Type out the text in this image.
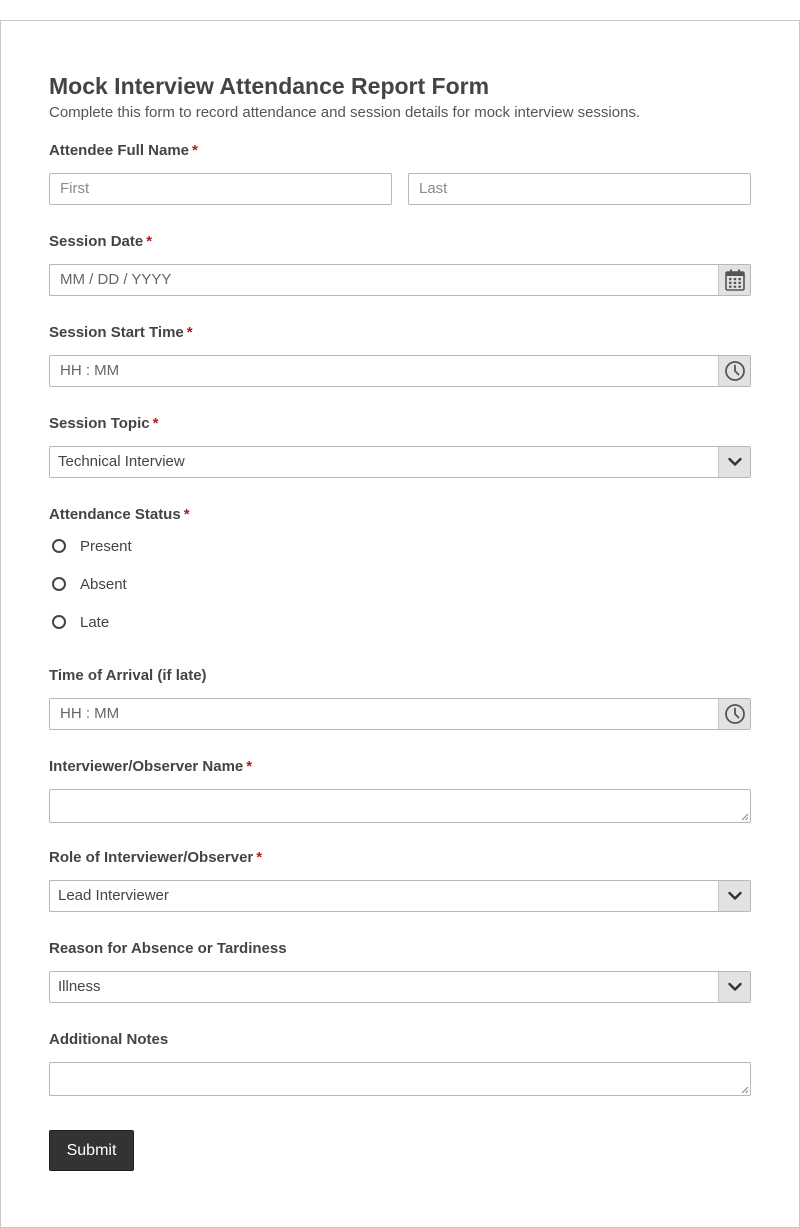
Mock Interview Attendance Report Form

Complete this form to record attendance and session details for mock interview sessions.

Attendee Full Name *
First	Last
Session Date *
MM / DD / YYYY
Session Start Time *
HH : MM
Session Topic *
Technical Interview
Attendance Status *
Present
Absent
Late
Time of Arrival (if late)
HH : MM
Interviewer/Observer Name *
Role of Interviewer/Observer *
Lead Interviewer
Reason for Absence or Tardiness
Illness
Additional Notes
Submit
